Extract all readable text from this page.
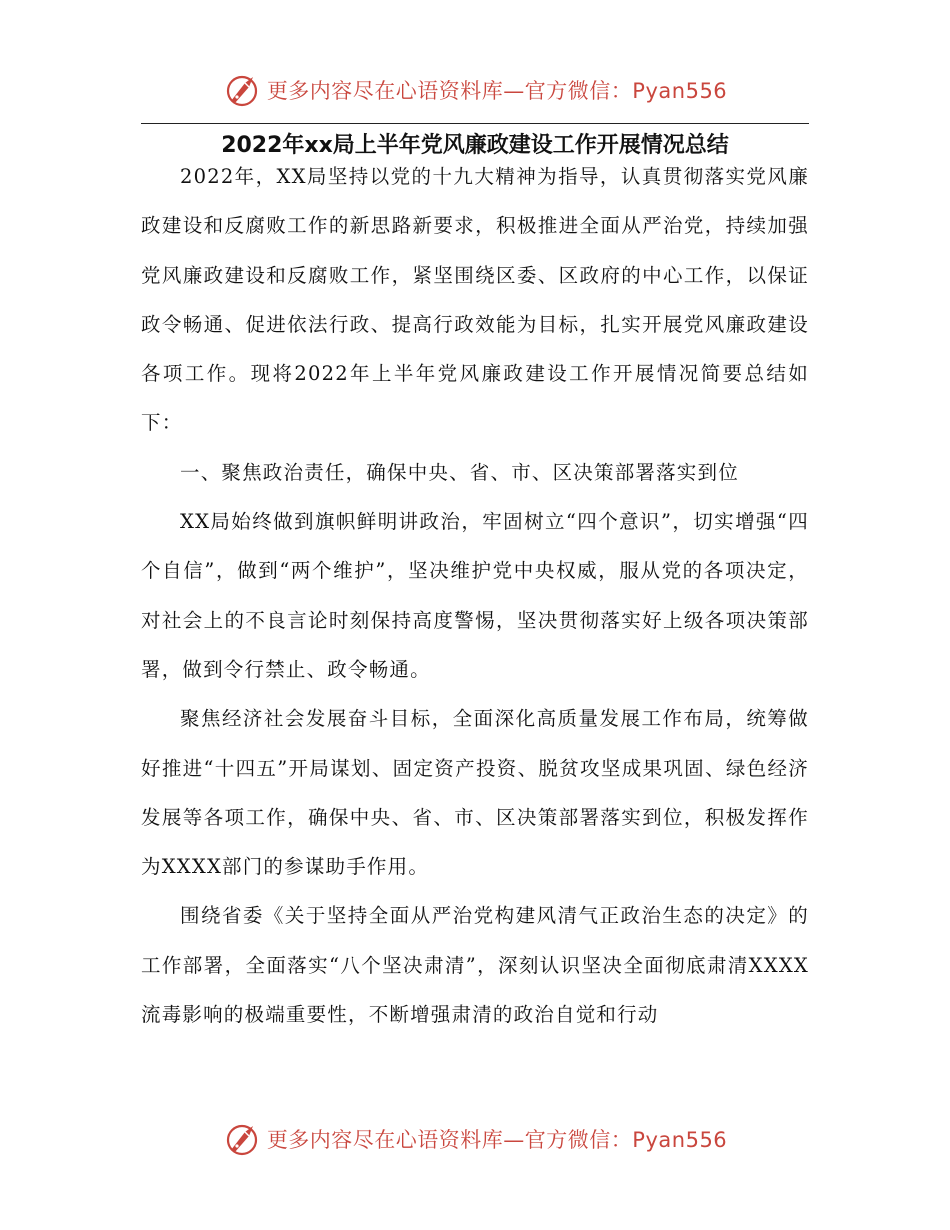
更多内容尽在心语资料库—官方微信：Pyan556
2022年xx局上半年党风廉政建设工作开展情况总结

2022年，XX局坚持以党的十九大精神为指导，认真贯彻落实党风廉政建设和反腐败工作的新思路新要求，积极推进全面从严治党，持续加强党风廉政建设和反腐败工作，紧坚围绕区委、区政府的中心工作，以保证政令畅通、促进依法行政、提高行政效能为目标，扎实开展党风廉政建设各项工作。现将2022年上半年党风廉政建设工作开展情况简要总结如下：

一、聚焦政治责任，确保中央、省、市、区决策部署落实到位

XX局始终做到旗帜鲜明讲政治，牢固树立“四个意识”，切实增强“四个自信”，做到“两个维护”，坚决维护党中央权威，服从党的各项决定，对社会上的不良言论时刻保持高度警惕，坚决贯彻落实好上级各项决策部署，做到令行禁止、政令畅通。

聚焦经济社会发展奋斗目标，全面深化高质量发展工作布局，统筹做好推进“十四五”开局谋划、固定资产投资、脱贫攻坚成果巩固、绿色经济发展等各项工作，确保中央、省、市、区决策部署落实到位，积极发挥作为XXXX部门的参谋助手作用。

围绕省委《关于坚持全面从严治党构建风清气正政治生态的决定》的工作部署，全面落实“八个坚决肃清”，深刻认识坚决全面彻底肃清XXXX流毒影响的极端重要性，不断增强肃清的政治自觉和行动

更多内容尽在心语资料库—官方微信：Pyan556
